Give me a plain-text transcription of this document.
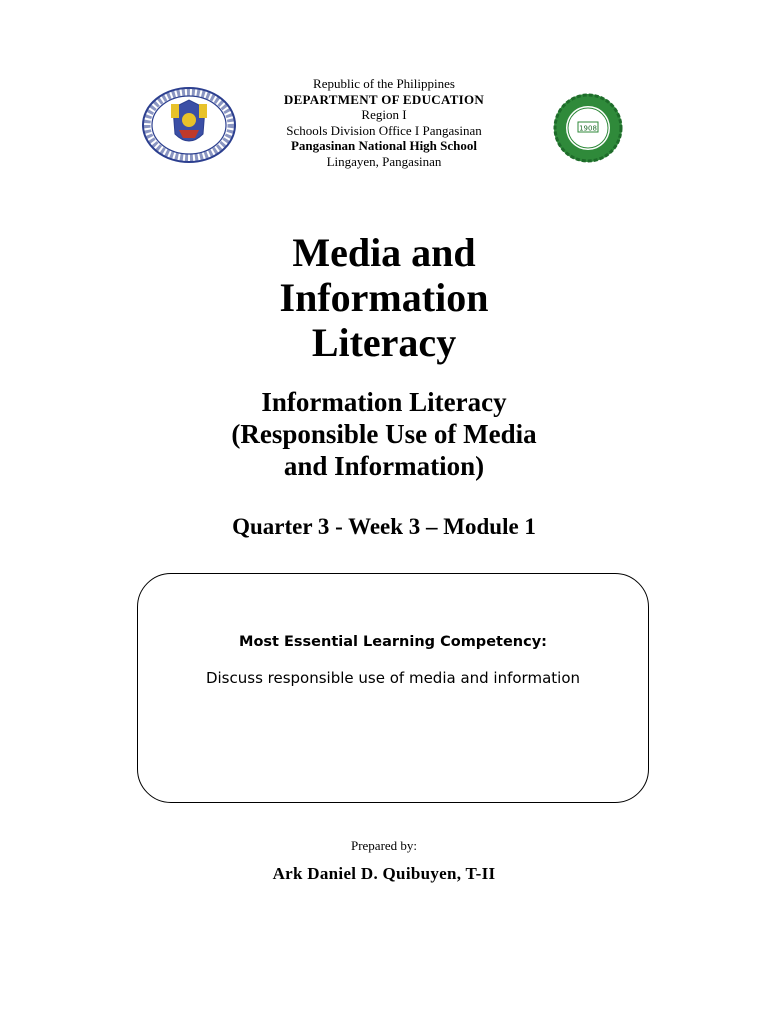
1908
Republic of the Philippines
DEPARTMENT OF EDUCATION
Region I
Schools Division Office I Pangasinan
Pangasinan National High School
Lingayen, Pangasinan
Media and
Information
Literacy
Information Literacy
(Responsible Use of Media
and Information)
Quarter 3 - Week 3 – Module 1
Most Essential Learning Competency:
Discuss responsible use of media and information
Prepared by:
Ark Daniel D. Quibuyen, T-II
